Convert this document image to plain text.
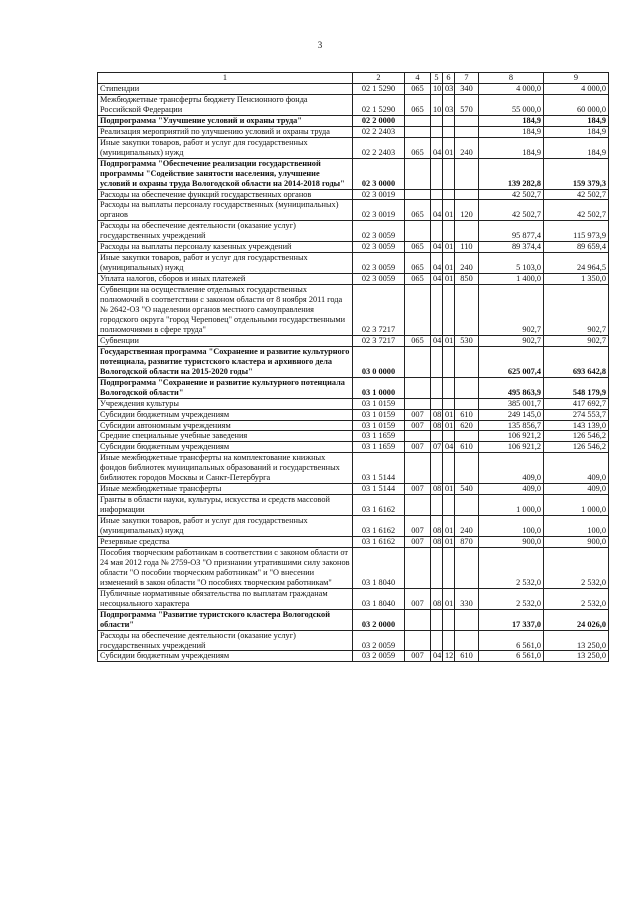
3
1	2	4	5	6	7	8	9
Стипендии	02 1 5290	065	10	03	340	4 000,0	4 000,0
Межбюджетные трансферты бюджету Пенсионного фонда Российской Федерации	02 1 5290	065	10	03	570	55 000,0	60 000,0
Подпрограмма "Улучшение условий и охраны труда"	02 2 0000					184,9	184,9
Реализация мероприятий по улучшению условий и охраны труда	02 2 2403					184,9	184,9
Иные закупки товаров, работ и услуг для государственных (муниципальных) нужд	02 2 2403	065	04	01	240	184,9	184,9
Подпрограмма "Обеспечение реализации государственной программы "Содействие занятости населения, улучшение условий и охраны труда Вологодской области на 2014-2018 годы"	02 3 0000					139 282,8	159 379,3
Расходы на обеспечение функций государственных органов	02 3 0019					42 502,7	42 502,7
Расходы на выплаты персоналу государственных (муниципальных) органов	02 3 0019	065	04	01	120	42 502,7	42 502,7
Расходы на обеспечение деятельности (оказание услуг) государственных учреждений	02 3 0059					95 877,4	115 973,9
Расходы на выплаты персоналу казенных учреждений	02 3 0059	065	04	01	110	89 374,4	89 659,4
Иные закупки товаров, работ и услуг для государственных (муниципальных) нужд	02 3 0059	065	04	01	240	5 103,0	24 964,5
Уплата налогов, сборов и иных платежей	02 3 0059	065	04	01	850	1 400,0	1 350,0
Субвенции на осуществление отдельных государственных полномочий в соответствии с законом области от 8 ноября 2011 года № 2642-ОЗ "О наделении органов местного самоуправления городского округа "город Череповец" отдельными государственными полномочиями в сфере труда"	02 3 7217					902,7	902,7
Субвенции	02 3 7217	065	04	01	530	902,7	902,7
Государственная программа "Сохранение и развитие культурного потенциала, развитие туристского кластера и архивного дела Вологодской области на 2015-2020 годы"	03 0 0000					625 007,4	693 642,8
Подпрограмма "Сохранение и развитие культурного потенциала Вологодской области"	03 1 0000					495 863,9	548 179,9
Учреждения культуры	03 1 0159					385 001,7	417 692,7
Субсидии бюджетным учреждениям	03 1 0159	007	08	01	610	249 145,0	274 553,7
Субсидии автономным учреждениям	03 1 0159	007	08	01	620	135 856,7	143 139,0
Средние специальные учебные заведения	03 1 1659					106 921,2	126 546,2
Субсидии бюджетным учреждениям	03 1 1659	007	07	04	610	106 921,2	126 546,2
Иные межбюджетные трансферты на комплектование книжных фондов библиотек муниципальных образований и государственных библиотек городов Москвы и Санкт-Петербурга	03 1 5144					409,0	409,0
Иные межбюджетные трансферты	03 1 5144	007	08	01	540	409,0	409,0
Гранты в области науки, культуры, искусства и средств массовой информации	03 1 6162					1 000,0	1 000,0
Иные закупки товаров, работ и услуг для государственных (муниципальных) нужд	03 1 6162	007	08	01	240	100,0	100,0
Резервные средства	03 1 6162	007	08	01	870	900,0	900,0
Пособия творческим работникам в соответствии с законом области от 24 мая 2012 года № 2759-ОЗ "О признании утратившими силу законов области "О пособии творческим работникам" и "О внесении изменений в закон области "О пособиях творческим работникам"	03 1 8040					2 532,0	2 532,0
Публичные нормативные обязательства по выплатам гражданам несоциального характера	03 1 8040	007	08	01	330	2 532,0	2 532,0
Подпрограмма "Развитие туристского кластера Вологодской области"	03 2 0000					17 337,0	24 026,0
Расходы на обеспечение деятельности (оказание услуг) государственных учреждений	03 2 0059					6 561,0	13 250,0
Субсидии бюджетным учреждениям	03 2 0059	007	04	12	610	6 561,0	13 250,0
